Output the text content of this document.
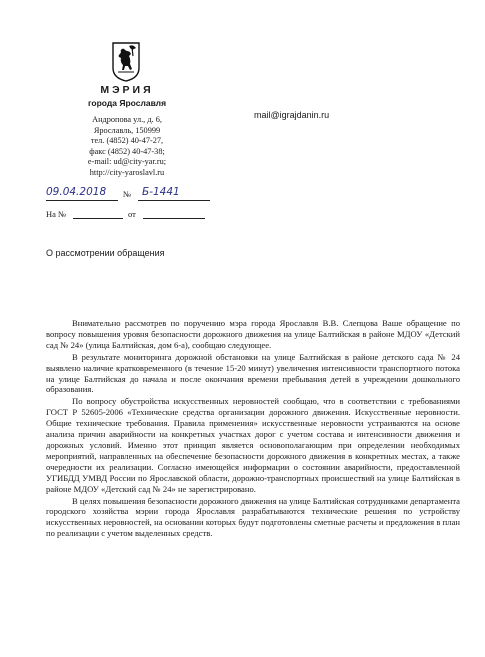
МЭРИЯ
города Ярославля
Андропова ул., д. 6,
Ярославль, 150999
тел. (4852) 40-47-27,
факс (4852) 40-47-38;
e-mail: ud@city-yar.ru;
http://city-yaroslavl.ru
mail@igrajdanin.ru
09.04.2018 № Б-1441
На №	от
О рассмотрении обращения

Внимательно рассмотрев по поручению мэра города Ярославля В.В. Слепцова Ваше обращение по вопросу повышения уровня безопасности дорожного движения на улице Балтийская в районе МДОУ «Детский сад № 24» (улица Балтийская, дом 6-а), сообщаю следующее.

В результате мониторинга дорожной обстановки на улице Балтийская в районе детского сада № 24 выявлено наличие кратковременного (в течение 15-20 минут) увеличения интенсивности транспортного потока на улице Балтийская до начала и после окончания времени пребывания детей в учреждении дошкольного образования.

По вопросу обустройства искусственных неровностей сообщаю, что в соответствии с требованиями ГОСТ Р 52605-2006 «Технические средства организации дорожного движения. Искусственные неровности. Общие технические требования. Правила применения» искусственные неровности устраиваются на основе анализа причин аварийности на конкретных участках дорог с учетом состава и интенсивности движения и дорожных условий. Именно этот принцип является основополагающим при определении необходимых мероприятий, направленных на обеспечение безопасности дорожного движения в конкретных местах, а также очередности их реализации. Согласно имеющейся информации о состоянии аварийности, предоставленной УГИБДД УМВД России по Ярославской области, дорожно-транспортных происшествий на улице Балтийская в районе МДОУ «Детский сад № 24» не зарегистрировано.

В целях повышения безопасности дорожного движения на улице Балтийская сотрудниками департамента городского хозяйства мэрии города Ярославля разрабатываются технические решения по устройству искусственных неровностей, на основании которых будут подготовлены сметные расчеты и предложения в план по реализации с учетом выделенных средств.
